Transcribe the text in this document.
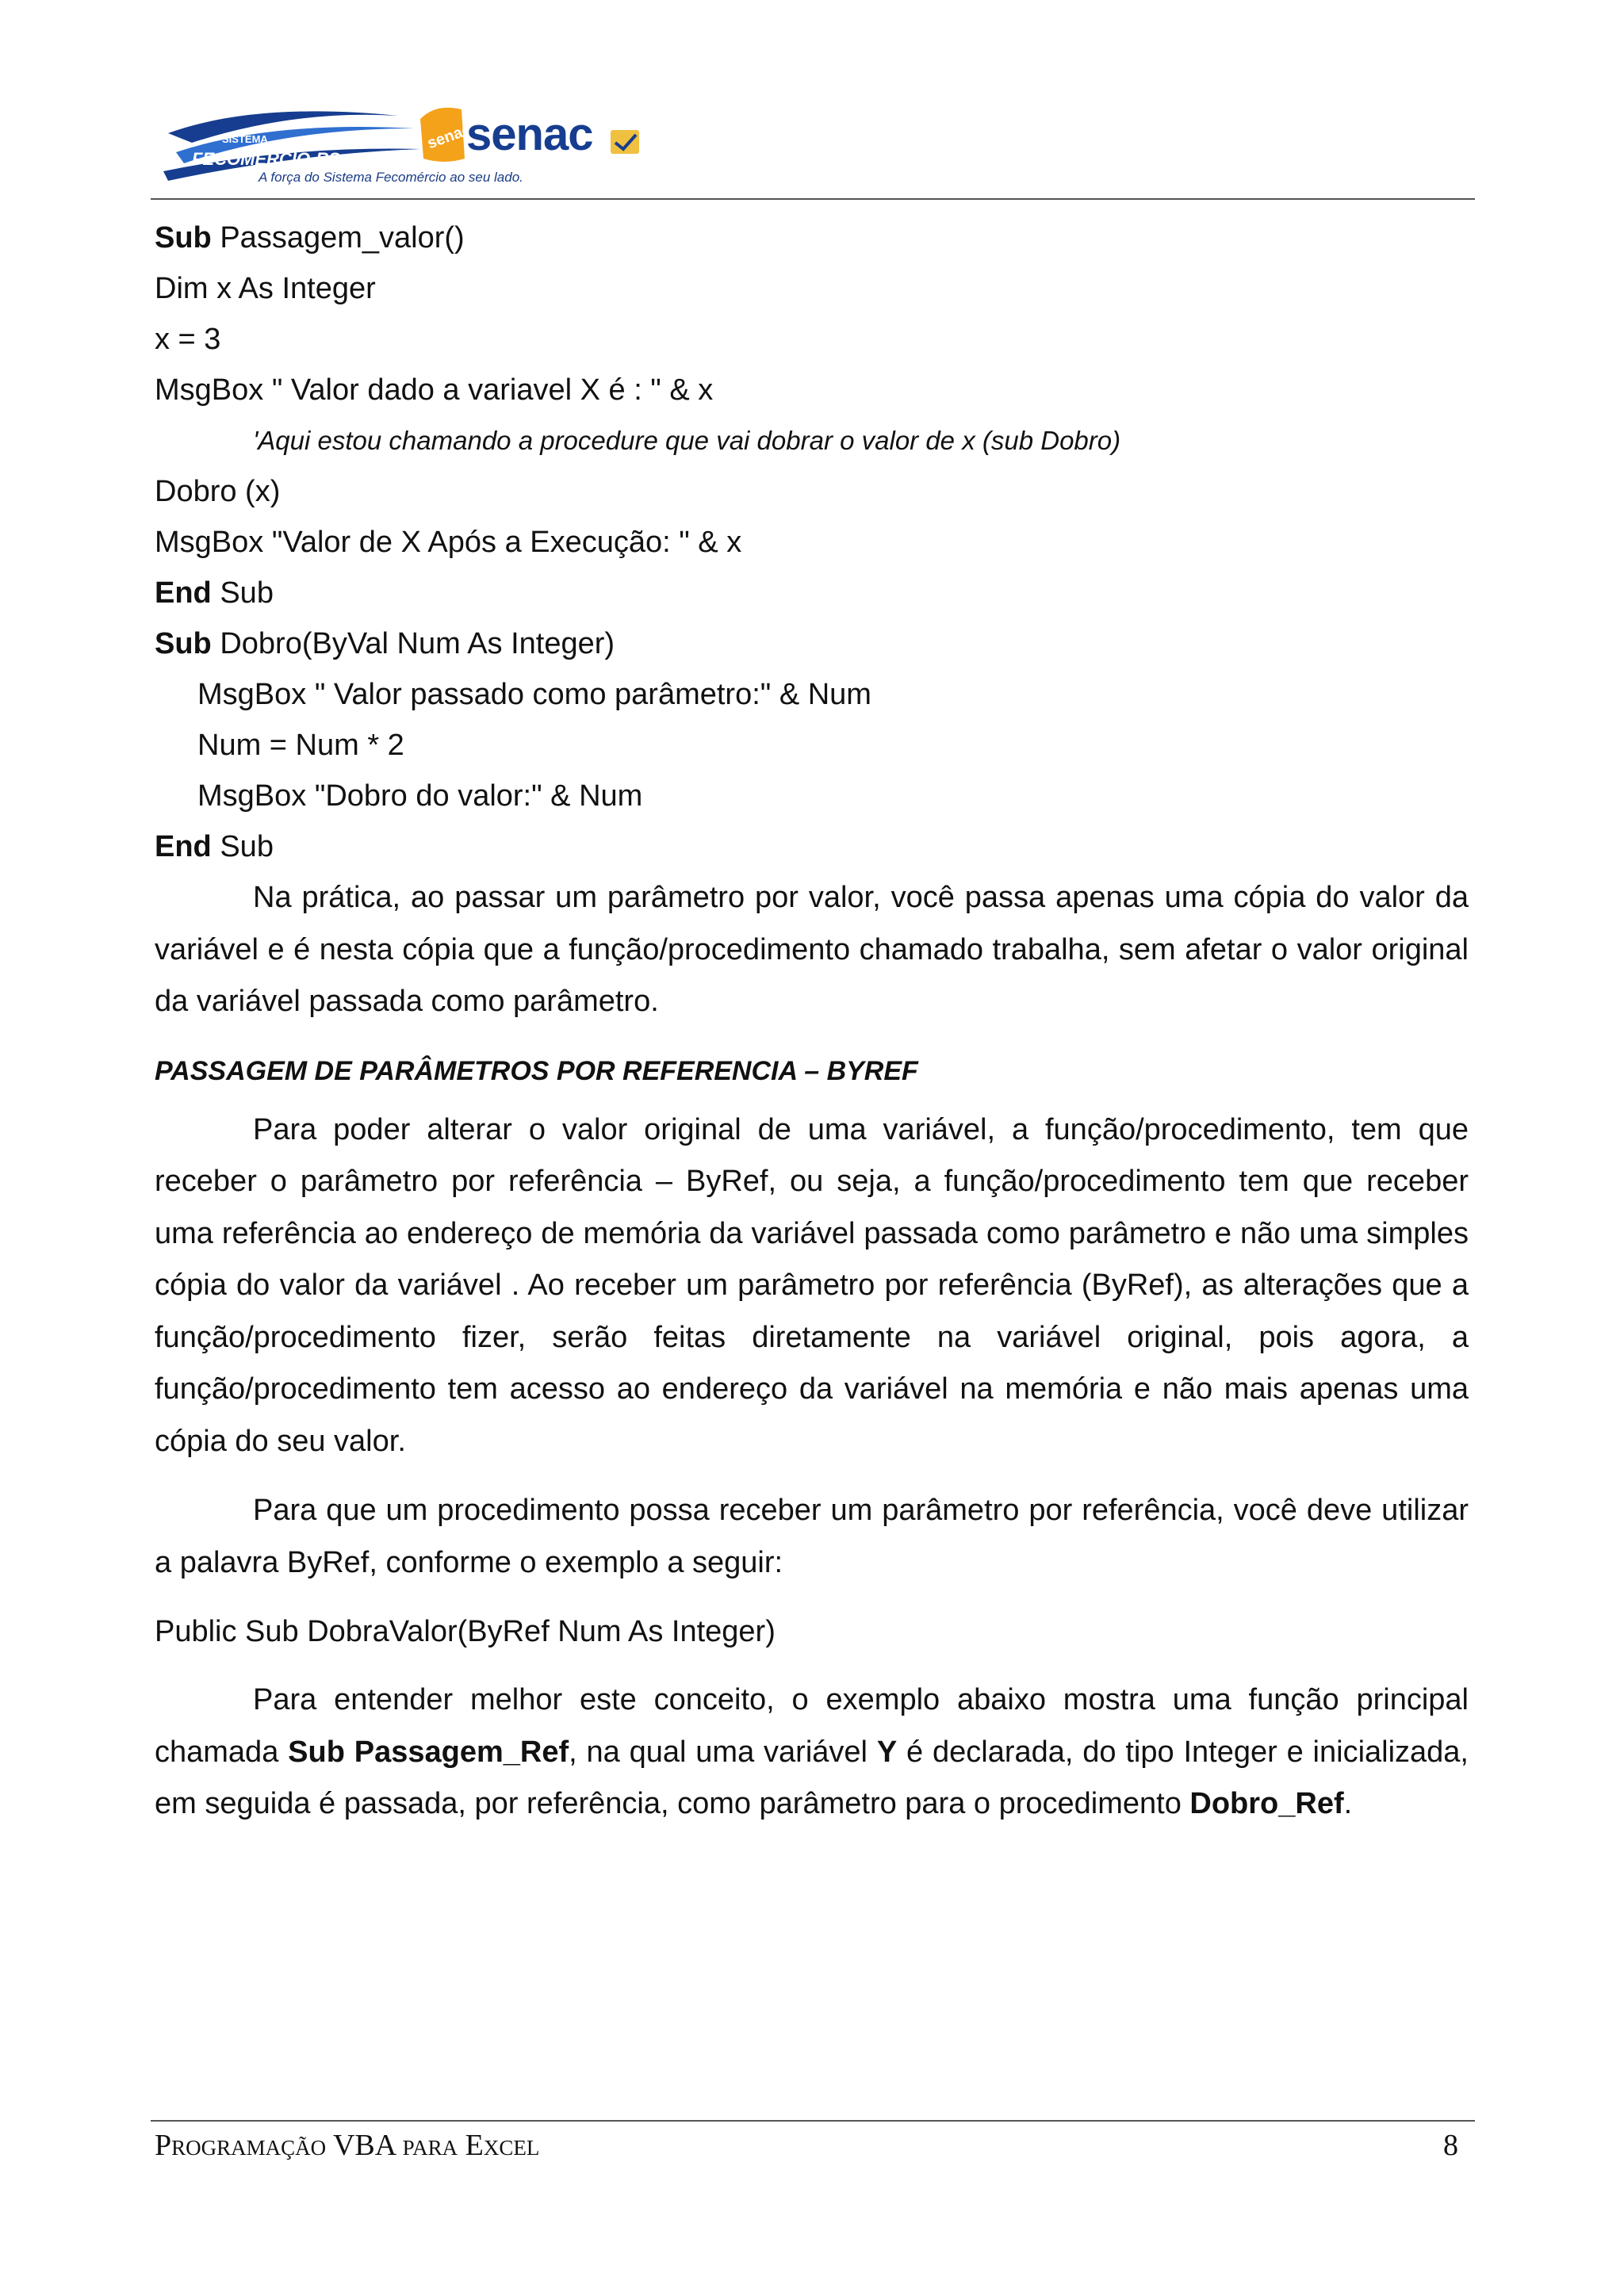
SISTEMA
FECOMÉRCIO-RS
A força do Sistema Fecomércio ao seu lado.
senac
senac
Sub Passagem_valor()
Dim x As Integer
x = 3
MsgBox " Valor dado a variavel X é : " & x
'Aqui estou chamando a procedure que vai dobrar o valor de x (sub Dobro)
Dobro (x)
MsgBox "Valor de X Após a Execução: " & x
End Sub
Sub Dobro(ByVal Num As Integer)
MsgBox " Valor passado como parâmetro:" & Num
Num = Num * 2
MsgBox "Dobro do valor:" & Num
End Sub

Na prática, ao passar um parâmetro por valor, você passa apenas uma cópia do valor da variável e é nesta cópia que a função/procedimento chamado trabalha, sem afetar o valor original da variável passada como parâmetro.

PASSAGEM DE PARÂMETROS POR REFERENCIA – BYREF

Para poder alterar o valor original de uma variável, a função/procedimento, tem que receber o parâmetro por referência – ByRef, ou seja, a função/procedimento tem que receber uma referência ao endereço de memória da variável passada como parâmetro e não uma simples cópia do valor da variável . Ao receber um parâmetro por referência (ByRef), as alterações que a função/procedimento fizer, serão feitas diretamente na variável original, pois agora, a função/procedimento tem acesso ao endereço da variável na memória e não mais apenas uma cópia do seu valor.

Para que um procedimento possa receber um parâmetro por referência, você deve utilizar a palavra ByRef, conforme o exemplo a seguir:

Public Sub DobraValor(ByRef Num As Integer)

Para entender melhor este conceito, o exemplo abaixo mostra uma função principal chamada Sub Passagem_Ref, na qual uma variável Y é declarada, do tipo Integer e inicializada, em seguida é passada, por referência, como parâmetro para o procedimento Dobro_Ref.

Programação VBA para Excel	8
